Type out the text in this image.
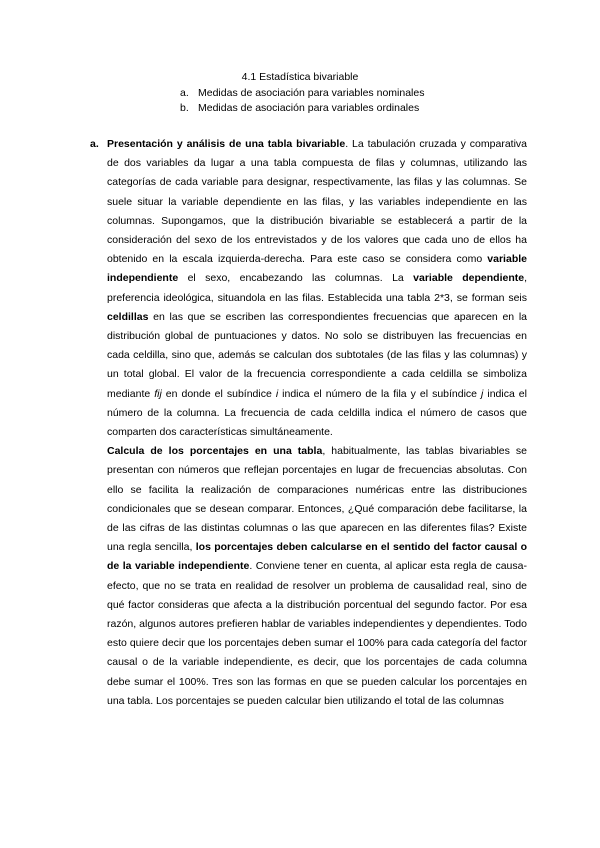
4.1 Estadística bivariable
a. Medidas de asociación para variables nominales
b. Medidas de asociación para variables ordinales
a. Presentación y análisis de una tabla bivariable. La tabulación cruzada y comparativa de dos variables da lugar a una tabla compuesta de filas y columnas, utilizando las categorías de cada variable para designar, respectivamente, las filas y las columnas. Se suele situar la variable dependiente en las filas, y las variables independiente en las columnas. Supongamos, que la distribución bivariable se establecerá a partir de la consideración del sexo de los entrevistados y de los valores que cada uno de ellos ha obtenido en la escala izquierda-derecha. Para este caso se considera como variable independiente el sexo, encabezando las columnas. La variable dependiente, preferencia ideológica, situandola en las filas. Establecida una tabla 2*3, se forman seis celdillas en las que se escriben las correspondientes frecuencias que aparecen en la distribución global de puntuaciones y datos. No solo se distribuyen las frecuencias en cada celdilla, sino que, además se calculan dos subtotales (de las filas y las columnas) y un total global. El valor de la frecuencia correspondiente a cada celdilla se simboliza mediante fij en donde el subíndice i indica el número de la fila y el subíndice j indica el número de la columna. La frecuencia de cada celdilla indica el número de casos que comparten dos características simultáneamente.

Calcula de los porcentajes en una tabla, habitualmente, las tablas bivariables se presentan con números que reflejan porcentajes en lugar de frecuencias absolutas. Con ello se facilita la realización de comparaciones numéricas entre las distribuciones condicionales que se desean comparar. Entonces, ¿Qué comparación debe facilitarse, la de las cifras de las distintas columnas o las que aparecen en las diferentes filas? Existe una regla sencilla, los porcentajes deben calcularse en el sentido del factor causal o de la variable independiente. Conviene tener en cuenta, al aplicar esta regla de causa-efecto, que no se trata en realidad de resolver un problema de causalidad real, sino de qué factor consideras que afecta a la distribución porcentual del segundo factor. Por esa razón, algunos autores prefieren hablar de variables independientes y dependientes. Todo esto quiere decir que los porcentajes deben sumar el 100% para cada categoría del factor causal o de la variable independiente, es decir, que los porcentajes de cada columna debe sumar el 100%. Tres son las formas en que se pueden calcular los porcentajes en una tabla. Los porcentajes se pueden calcular bien utilizando el total de las columnas
